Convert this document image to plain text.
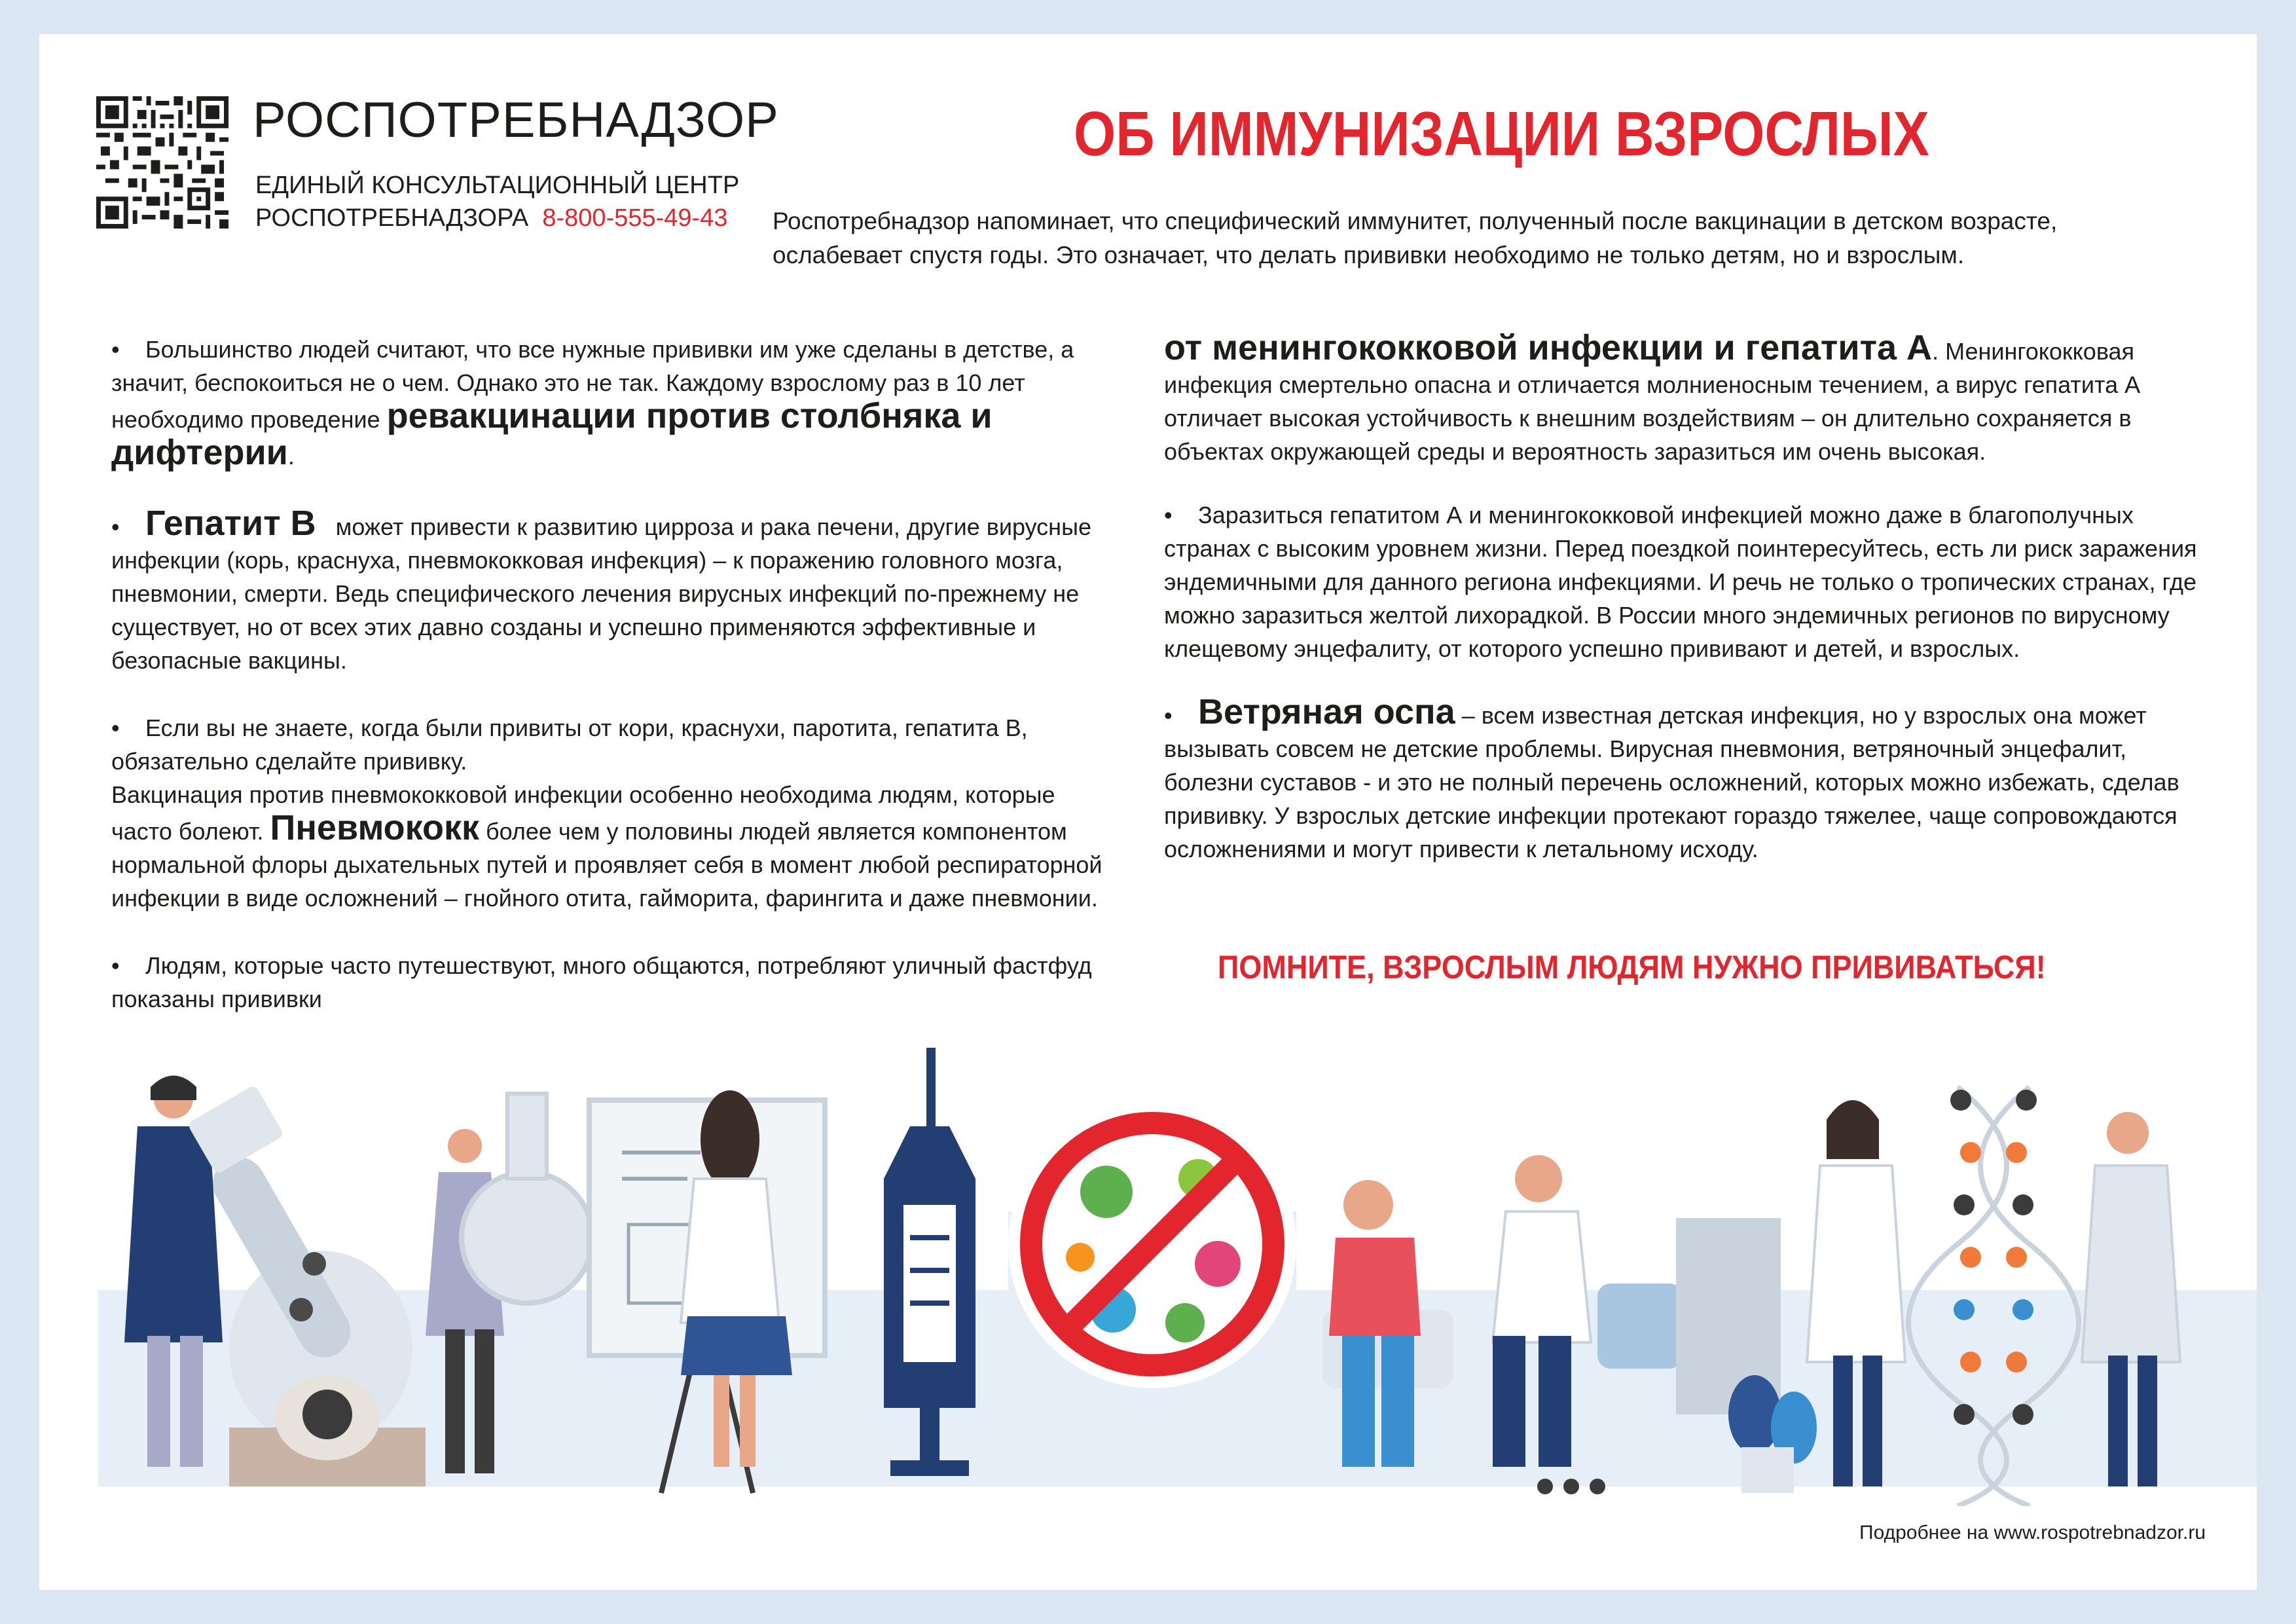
РОСПОТРЕБНАДЗОР
ЕДИНЫЙ КОНСУЛЬТАЦИОННЫЙ ЦЕНТР
РОСПОТРЕБНАДЗОРА 8-800-555-49-43
ОБ ИММУНИЗАЦИИ ВЗРОСЛЫХ
Роспотребнадзор напоминает, что специфический иммунитет, полученный после вакцинации в детском возрасте, ослабевает спустя годы. Это означает, что делать прививки необходимо не только детям, но и взрослым.

• Большинство людей считают, что все нужные прививки им уже сделаны в детстве, а значит, беспокоиться не о чем. Однако это не так. Каждому взрослому раз в 10 лет необходимо проведение ревакцинации против столбняка и дифтерии.

• Гепатит В может привести к развитию цирроза и рака печени, другие вирусные инфекции (корь, краснуха, пневмококковая инфекция) – к поражению головного мозга, пневмонии, смерти. Ведь специфического лечения вирусных инфекций по-прежнему не существует, но от всех этих давно созданы и успешно применяются эффективные и безопасные вакцины.

• Если вы не знаете, когда были привиты от кори, краснухи, паротита, гепатита В, обязательно сделайте прививку.

Вакцинация против пневмококковой инфекции особенно необходима людям, которые часто болеют. Пневмококк более чем у половины людей является компонентом нормальной флоры дыхательных путей и проявляет себя в момент любой респираторной инфекции в виде осложнений – гнойного отита, гайморита, фарингита и даже пневмонии.

• Людям, которые часто путешествуют, много общаются, потребляют уличный фастфуд показаны прививки

от менингококковой инфекции и гепатита А. Менингококковая инфекция смертельно опасна и отличается молниеносным течением, а вирус гепатита А отличает высокая устойчивость к внешним воздействиям – он длительно сохраняется в объектах окружающей среды и вероятность заразиться им очень высокая.

• Заразиться гепатитом А и менингококковой инфекцией можно даже в благополучных странах с высоким уровнем жизни. Перед поездкой поинтересуйтесь, есть ли риск заражения эндемичными для данного региона инфекциями. И речь не только о тропических странах, где можно заразиться желтой лихорадкой. В России много эндемичных регионов по вирусному клещевому энцефалиту, от которого успешно прививают и детей, и взрослых.

• Ветряная оспа – всем известная детская инфекция, но у взрослых она может вызывать совсем не детские проблемы. Вирусная пневмония, ветряночный энцефалит, болезни суставов - и это не полный перечень осложнений, которых можно избежать, сделав прививку. У взрослых детские инфекции протекают гораздо тяжелее, чаще сопровождаются осложнениями и могут привести к летальному исходу.

ПОМНИТЕ, ВЗРОСЛЫМ ЛЮДЯМ НУЖНО ПРИВИВАТЬСЯ!
Подробнее на www.rospotrebnadzor.ru
